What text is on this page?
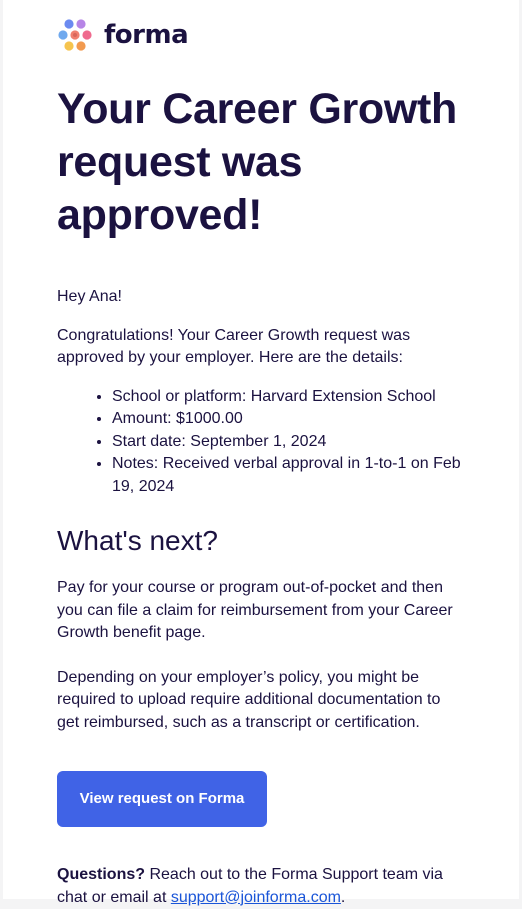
forma
Your Career Growth request was approved!

Hey Ana!

Congratulations! Your Career Growth request was approved by your employer. Here are the details:

• School or platform: Harvard Extension School
• Amount: $1000.00
• Start date: September 1, 2024
• Notes: Received verbal approval in 1-to-1 on Feb 19, 2024
What's next?

Pay for your course or program out-of-pocket and then you can file a claim for reimbursement from your Career Growth benefit page.

Depending on your employer’s policy, you might be required to upload require additional documentation to get reimbursed, such as a transcript or certification.

View request on Forma

Questions? Reach out to the Forma Support team via chat or email at support@joinforma.com.
